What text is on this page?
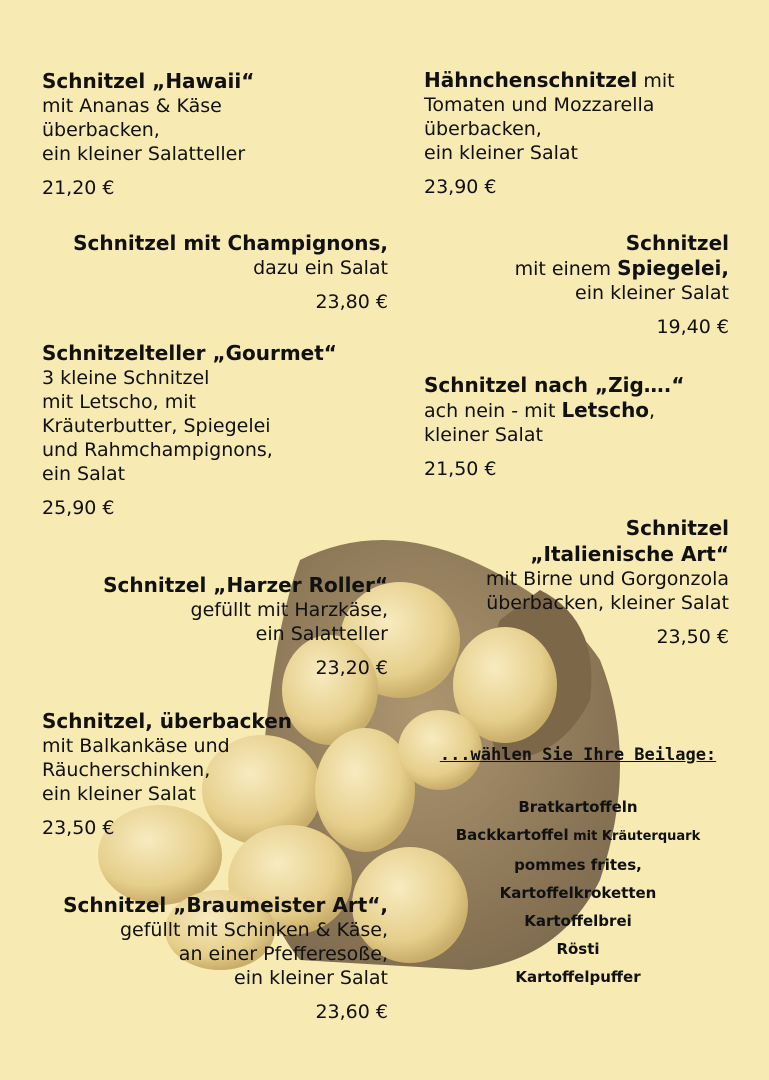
Schnitzel „Hawaii“
mit Ananas & Käse
überbacken,
ein kleiner Salatteller
21,20 €
Hähnchenschnitzel mit
Tomaten und Mozzarella
überbacken,
ein kleiner Salat
23,90 €
Schnitzel mit Champignons,
dazu ein Salat
23,80 €
Schnitzel
mit einem Spiegelei,
ein kleiner Salat
19,40 €
Schnitzelteller „Gourmet“
3 kleine Schnitzel
mit Letscho, mit
Kräuterbutter, Spiegelei
und Rahmchampignons,
ein Salat
25,90 €
Schnitzel nach „Zig….“
ach nein - mit Letscho,
kleiner Salat
21,50 €
Schnitzel
„Italienische Art“
mit Birne und Gorgonzola
überbacken, kleiner Salat
23,50 €
Schnitzel „Harzer Roller“
gefüllt mit Harzkäse,
ein Salatteller
23,20 €
Schnitzel, überbacken
mit Balkankäse und
Räucherschinken,
ein kleiner Salat
23,50 €
Schnitzel „Braumeister Art“,
gefüllt mit Schinken & Käse,
an einer Pfefferesoße,
ein kleiner Salat
23,60 €
...wählen Sie Ihre Beilage:
Bratkartoffeln
Backkartoffel mit Kräuterquark
pommes frites,
Kartoffelkroketten
Kartoffelbrei
Rösti
Kartoffelpuffer
